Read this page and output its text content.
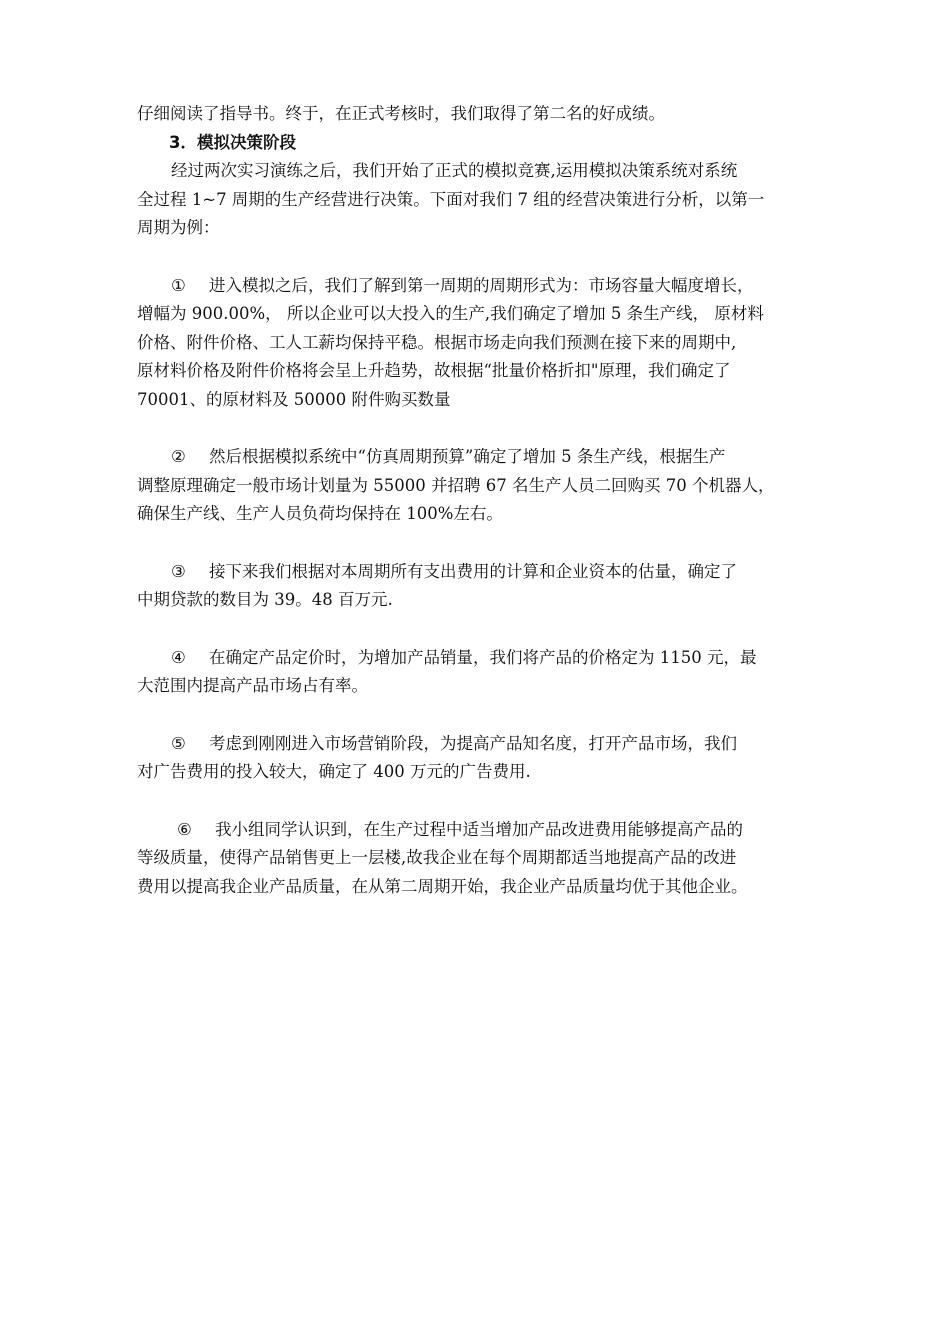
仔细阅读了指导书。终于，在正式考核时，我们取得了第二名的好成绩。
3．模拟决策阶段
经过两次实习演练之后，我们开始了正式的模拟竞赛,运用模拟决策系统对系统
全过程 1~7 周期的生产经营进行决策。下面对我们 7 组的经营决策进行分析，以第一
周期为例：
① 进入模拟之后，我们了解到第一周期的周期形式为：市场容量大幅度增长，
增幅为 900.00%， 所以企业可以大投入的生产,我们确定了增加 5 条生产线， 原材料
价格、附件价格、工人工薪均保持平稳。根据市场走向我们预测在接下来的周期中,
原材料价格及附件价格将会呈上升趋势，故根据“批量价格折扣"原理，我们确定了
70001、的原材料及 50000 附件购买数量
② 然后根据模拟系统中“仿真周期预算”确定了增加 5 条生产线，根据生产
调整原理确定一般市场计划量为 55000 并招聘 67 名生产人员二回购买 70 个机器人，
确保生产线、生产人员负荷均保持在 100%左右。
③ 接下来我们根据对本周期所有支出费用的计算和企业资本的估量，确定了
中期贷款的数目为 39。48 百万元.
④ 在确定产品定价时，为增加产品销量，我们将产品的价格定为 1150 元，最
大范围内提高产品市场占有率。
⑤ 考虑到刚刚进入市场营销阶段，为提高产品知名度，打开产品市场，我们
对广告费用的投入较大，确定了 400 万元的广告费用.
⑥ 我小组同学认识到，在生产过程中适当增加产品改进费用能够提高产品的
等级质量，使得产品销售更上一层楼,故我企业在每个周期都适当地提高产品的改进
费用以提高我企业产品质量，在从第二周期开始，我企业产品质量均优于其他企业。
